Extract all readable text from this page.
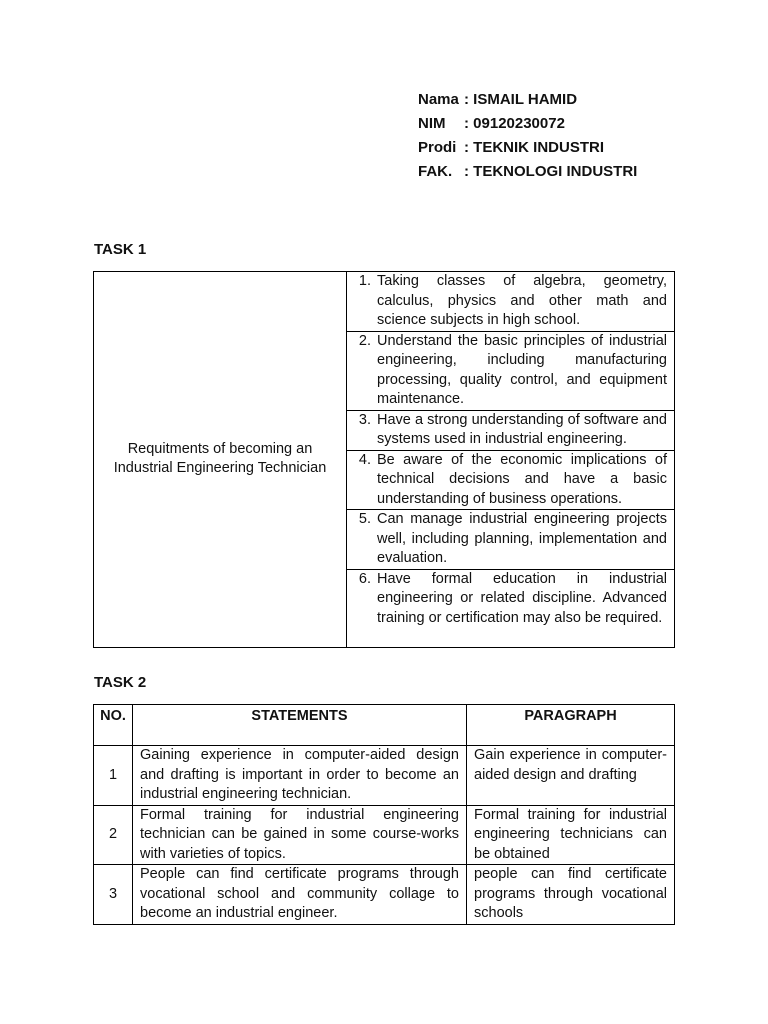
Nama : ISMAIL HAMID
NIM	: 09120230072
Prodi : TEKNIK INDUSTRI
FAK. : TEKNOLOGI INDUSTRI
TASK 1
Requitments of becoming an Industrial Engineering Technician	
1. Taking classes of algebra, geometry, calculus, physics and other math and science subjects in high school.

2. Understand the basic principles of industrial engineering, including manufacturing processing, quality control, and equipment maintenance.

3. Have a strong understanding of software and systems used in industrial engineering.

4. Be aware of the economic implications of technical decisions and have a basic understanding of business operations.

5. Can manage industrial engineering projects well, including planning, implementation and evaluation.

6. Have formal education in industrial engineering or related discipline. Advanced training or certification may also be required.
TASK 2
NO.	STATEMENTS	PARAGRAPH
1	Gaining experience in computer-aided design and drafting is important in order to become an industrial engineering technician.	Gain experience in computer-aided design and drafting
2	Formal training for industrial engineering technician can be gained in some course-works with varieties of topics.	Formal training for industrial engineering technicians can be obtained
3	People can find certificate programs through vocational school and community collage to become an industrial engineer.	people can find certificate programs through vocational schools
